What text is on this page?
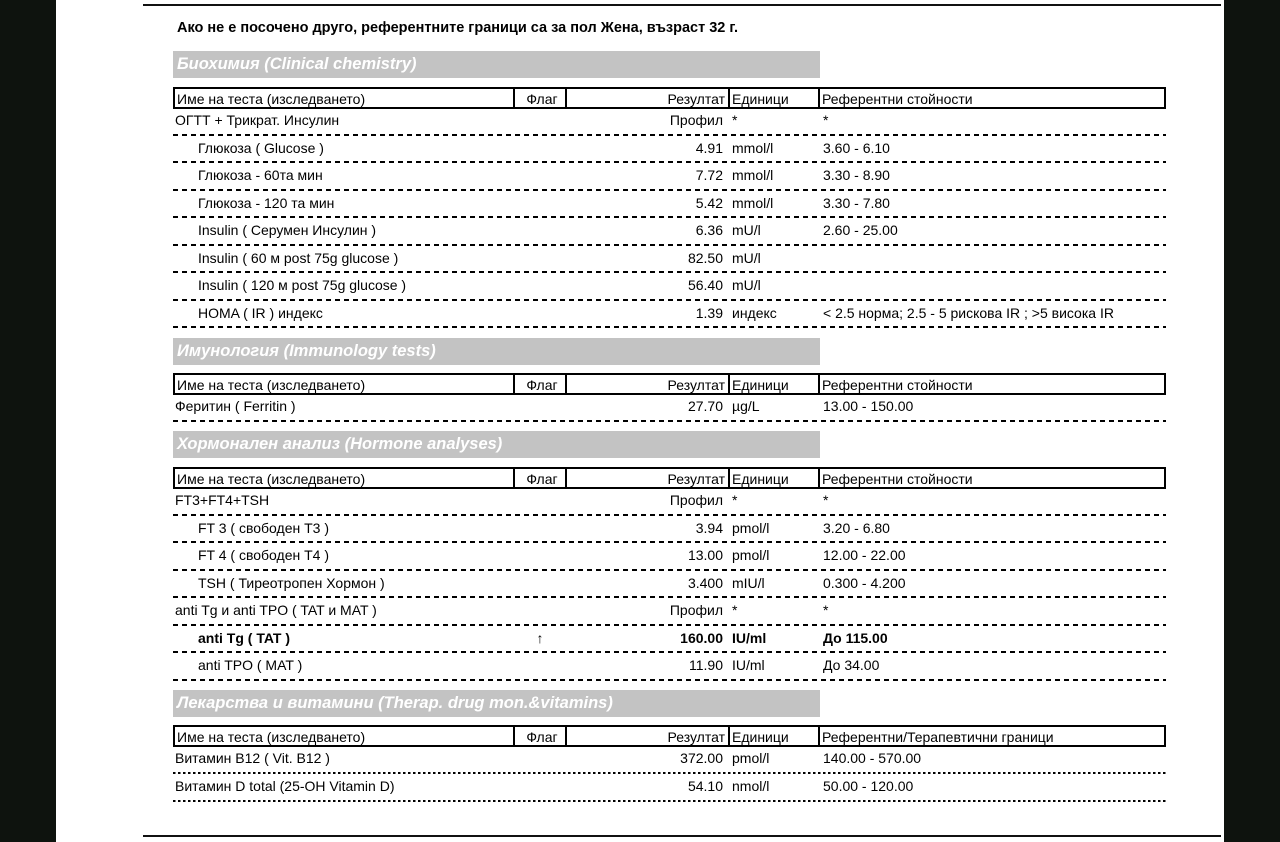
Ако не е посочено друго, референтните граници са за пол Жена, възраст 32 г.
Биохимия (Clinical chemistry)
Име на теста (изследването)	Флаг	Резултат Единици Референтни стойности
ОГТТ + Трикрат. Инсулин	Профил *	*
Глюкоза ( Glucose )	4.91 mmol/l	3.60 - 6.10
Глюкоза - 60та мин	7.72 mmol/l	3.30 - 8.90
Глюкоза - 120 та мин	5.42 mmol/l	3.30 - 7.80
Insulin ( Серумен Инсулин )	6.36 mU/l	2.60 - 25.00
Insulin ( 60 м post 75g glucose )	82.50 mU/l
Insulin ( 120 м post 75g glucose )	56.40 mU/l
HOMA ( IR ) индекс	1.39 индекс	< 2.5 норма; 2.5 - 5 рискова IR ; >5 висока IR
Имунология (Immunology tests)
Име на теста (изследването)	Флаг	Резултат Единици Референтни стойности
Феритин ( Ferritin )	27.70 µg/L	13.00 - 150.00
Хормонален анализ (Hormone analyses)
Име на теста (изследването)	Флаг	Резултат Единици Референтни стойности
FT3+FT4+TSH	Профил *	*
FT 3 ( свободен T3 )	3.94 pmol/l	3.20 - 6.80
FT 4 ( свободен T4 )	13.00 pmol/l	12.00 - 22.00
TSH ( Тиреотропен Хормон )	3.400 mIU/l	0.300 - 4.200
anti Tg и anti TPO ( TAT и MAT )	Профил *	*
anti Tg ( TAT )	↑	160.00 IU/ml	До 115.00
anti TPO ( MAT )	11.90 IU/ml	До 34.00
Лекарства и витамини (Therap. drug mon.&vitamins)
Име на теста (изследването)	Флаг	Резултат Единици Референтни/Терапевтични граници
Витамин B12 ( Vit. B12 )	372.00 pmol/l	140.00 - 570.00
Витамин D total (25-OH Vitamin D)	54.10 nmol/l	50.00 - 120.00
